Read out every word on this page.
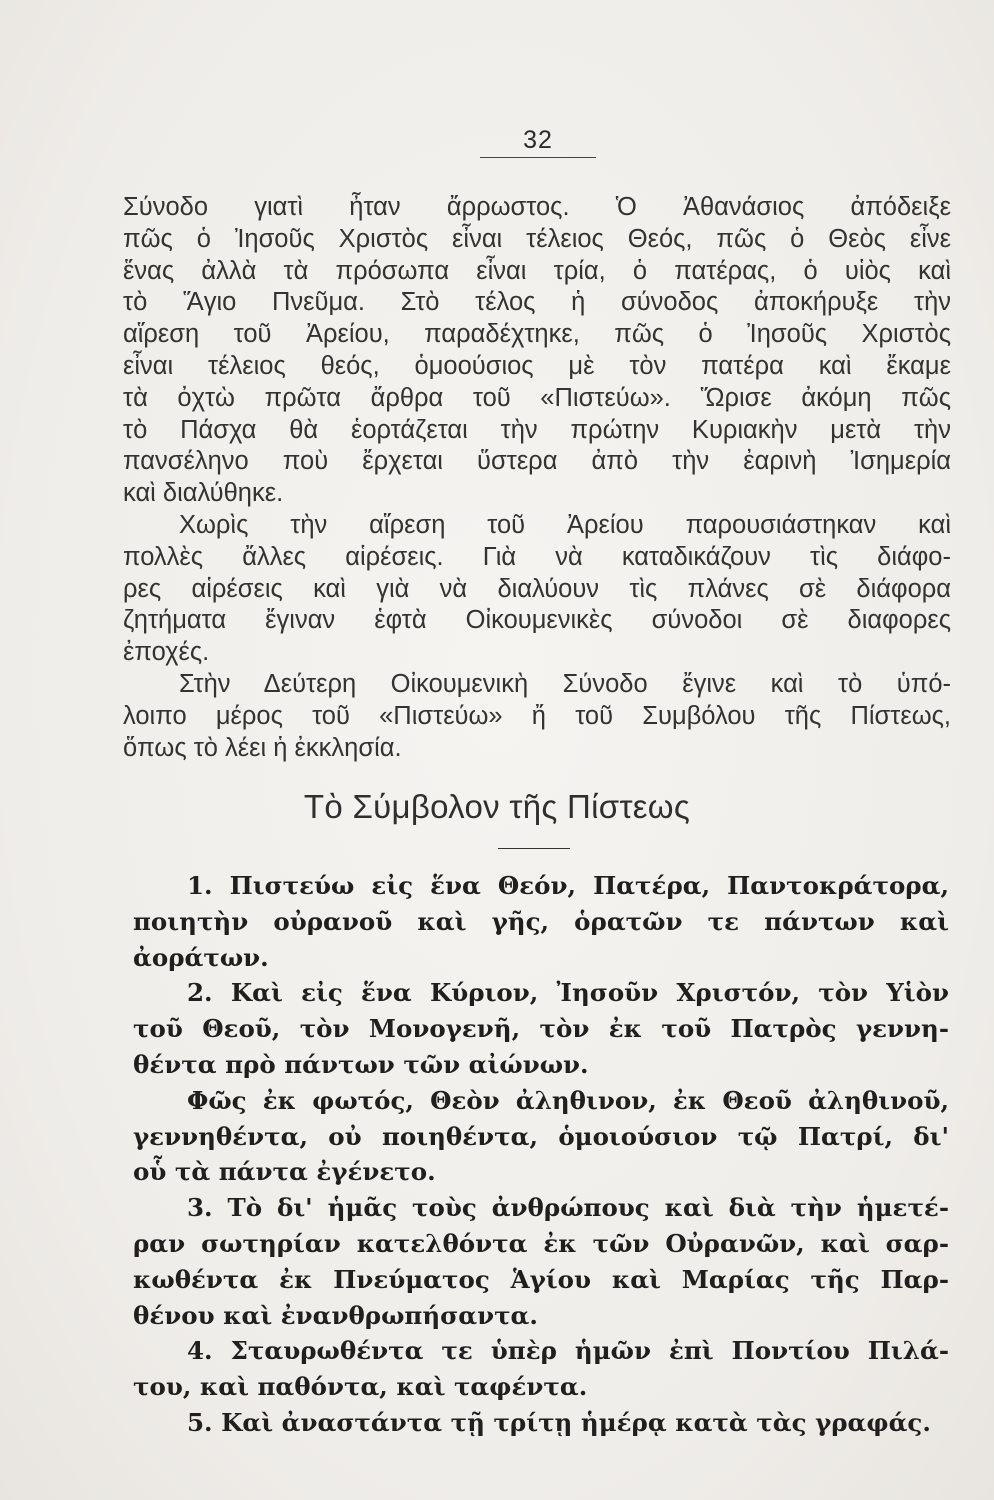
32
Σύνοδο γιατὶ ἦταν ἄρρωστος. Ὁ Ἀθανάσιος ἀπόδειξε
πῶς ὁ Ἰησοῦς Χριστὸς εἶναι τέλειος Θεός, πῶς ὁ Θεὸς εἶνε
ἕνας ἀλλὰ τὰ πρόσωπα εἶναι τρία, ὁ πατέρας, ὁ υἱὸς καὶ
τὸ Ἅγιο Πνεῦμα. Στὸ τέλος ἡ σύνοδος ἀποκήρυξε τὴν
αἵρεση τοῦ Ἀρείου, παραδέχτηκε, πῶς ὁ Ἰησοῦς Χριστὸς
εἶναι τέλειος θεός, ὁμοούσιος μὲ τὸν πατέρα καὶ ἔκαμε
τὰ ὀχτὼ πρῶτα ἄρθρα τοῦ «Πιστεύω». Ὥρισε ἀκόμη πῶς
τὸ Πάσχα θὰ ἑορτάζεται τὴν πρώτην Κυριακὴν μετὰ τὴν
πανσέληνο ποὺ ἔρχεται ὕστερα ἀπὸ τὴν ἐαρινὴ Ἰσημερία
καὶ διαλύθηκε.
Χωρὶς τὴν αἵρεση τοῦ Ἀρείου παρουσιάστηκαν καὶ
πολλὲς ἄλλες αἱρέσεις. Γιὰ νὰ καταδικάζουν τὶς διάφο-
ρες αἱρέσεις καὶ γιὰ νὰ διαλύουν τὶς πλάνες σὲ διάφορα
ζητήματα ἔγιναν ἑφτὰ Οἰκουμενικὲς σύνοδοι σὲ διαφορες
ἐποχές.
Στὴν Δεύτερη Οἰκουμενικὴ Σύνοδο ἔγινε καὶ τὸ ὑπό-
λοιπο μέρος τοῦ «Πιστεύω» ἤ τοῦ Συμβόλου τῆς Πίστεως,
ὅπως τὸ λέει ἡ ἐκκλησία.
Τὸ Σύμβολον τῆς Πίστεως
1. Πιστεύω εἰς ἕνα Θεόν, Πατέρα, Παντοκράτορα,
ποιητὴν οὐρανοῦ καὶ γῆς, ὁρατῶν τε πάντων καὶ
ἀοράτων.
2. Καὶ εἰς ἕνα Κύριον, Ἰησοῦν Χριστόν, τὸν Υἱὸν
τοῦ Θεοῦ, τὸν Μονογενῆ, τὸν ἐκ τοῦ Πατρὸς γεννη-
θέντα πρὸ πάντων τῶν αἰώνων.
Φῶς ἐκ φωτός, Θεὸν ἀληθινον, ἐκ Θεοῦ ἀληθινοῦ,
γεννηθέντα, οὐ ποιηθέντα, ὁμοιούσιον τῷ Πατρί, δι'
οὗ τὰ πάντα ἐγένετο.
3. Τὸ δι' ἡμᾶς τοὺς ἀνθρώπους καὶ διὰ τὴν ἡμετέ-
ραν σωτηρίαν κατελθόντα ἐκ τῶν Οὐρανῶν, καὶ σαρ-
κωθέντα ἐκ Πνεύματος Ἁγίου καὶ Μαρίας τῆς Παρ-
θένου καὶ ἐνανθρωπήσαντα.
4. Σταυρωθέντα τε ὑπὲρ ἡμῶν ἐπὶ Ποντίου Πιλά-
του, καὶ παθόντα, καὶ ταφέντα.
5. Καὶ ἀναστάντα τῇ τρίτῃ ἡμέρᾳ κατὰ τὰς γραφάς.
